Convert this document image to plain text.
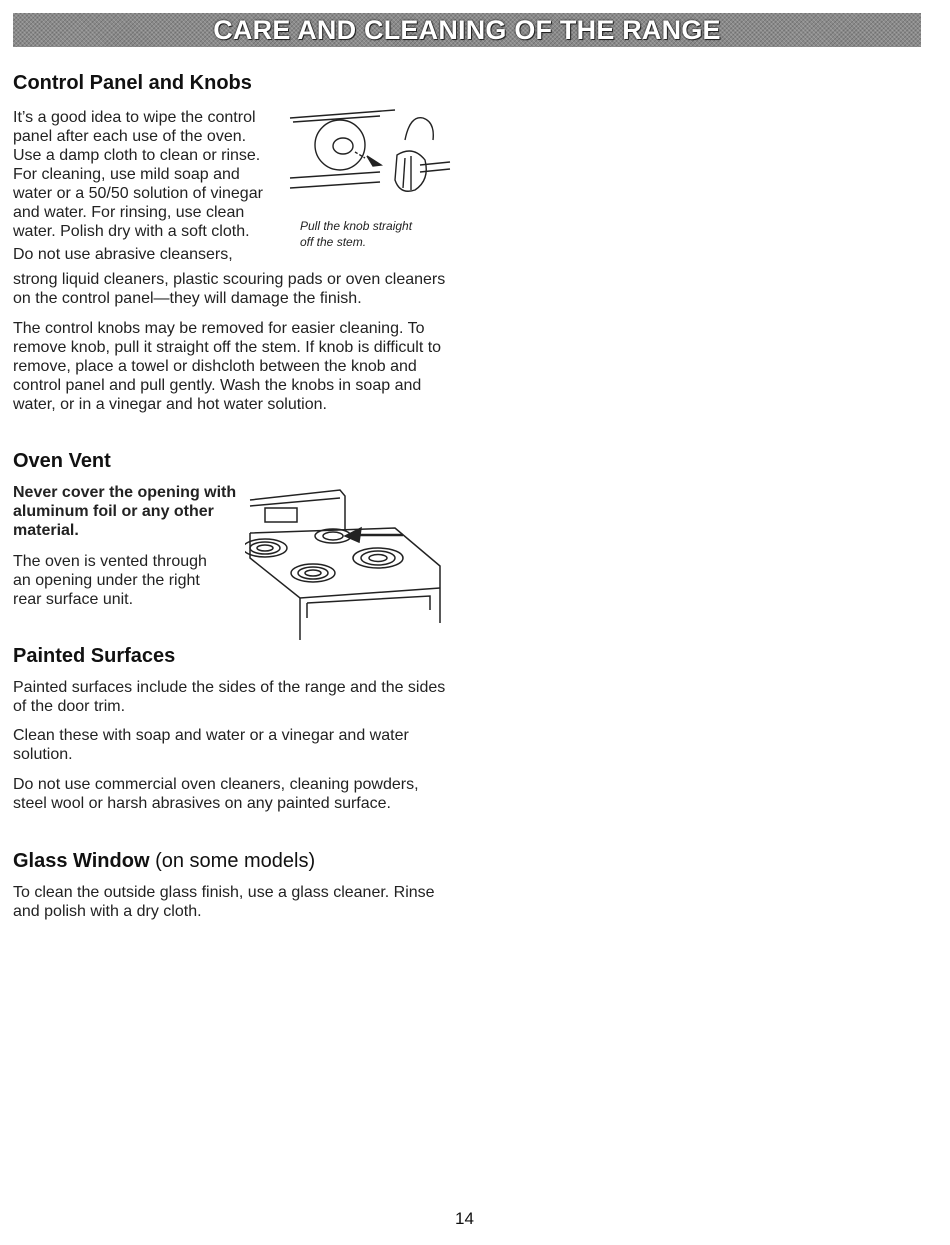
CARE AND CLEANING OF THE RANGE
Control Panel and Knobs
It’s a good idea to wipe the control
panel after each use of the oven.
Use a damp cloth to clean or rinse.
For cleaning, use mild soap and
water or a 50/50 solution of vinegar
and water. For rinsing, use clean
water. Polish dry with a soft cloth.
Do not use abrasive cleansers,
strong liquid cleaners, plastic scouring pads or oven cleaners on the control panel—they will damage the finish.
The control knobs may be removed for easier cleaning. To remove knob, pull it straight off the stem. If knob is difficult to remove, place a towel or dishcloth between the knob and control panel and pull gently. Wash the knobs in soap and water, or in a vinegar and hot water solution.
Pull the knob straight
off the stem.
Oven Vent
Never cover the opening with aluminum foil or any other material.
The oven is vented through an opening under the right rear surface unit.
Painted Surfaces
Painted surfaces include the sides of the range and the sides of the door trim.
Clean these with soap and water or a vinegar and water solution.
Do not use commercial oven cleaners, cleaning powders, steel wool or harsh abrasives on any painted surface.
Glass Window (on some models)
To clean the outside glass finish, use a glass cleaner. Rinse and polish with a dry cloth.
14
